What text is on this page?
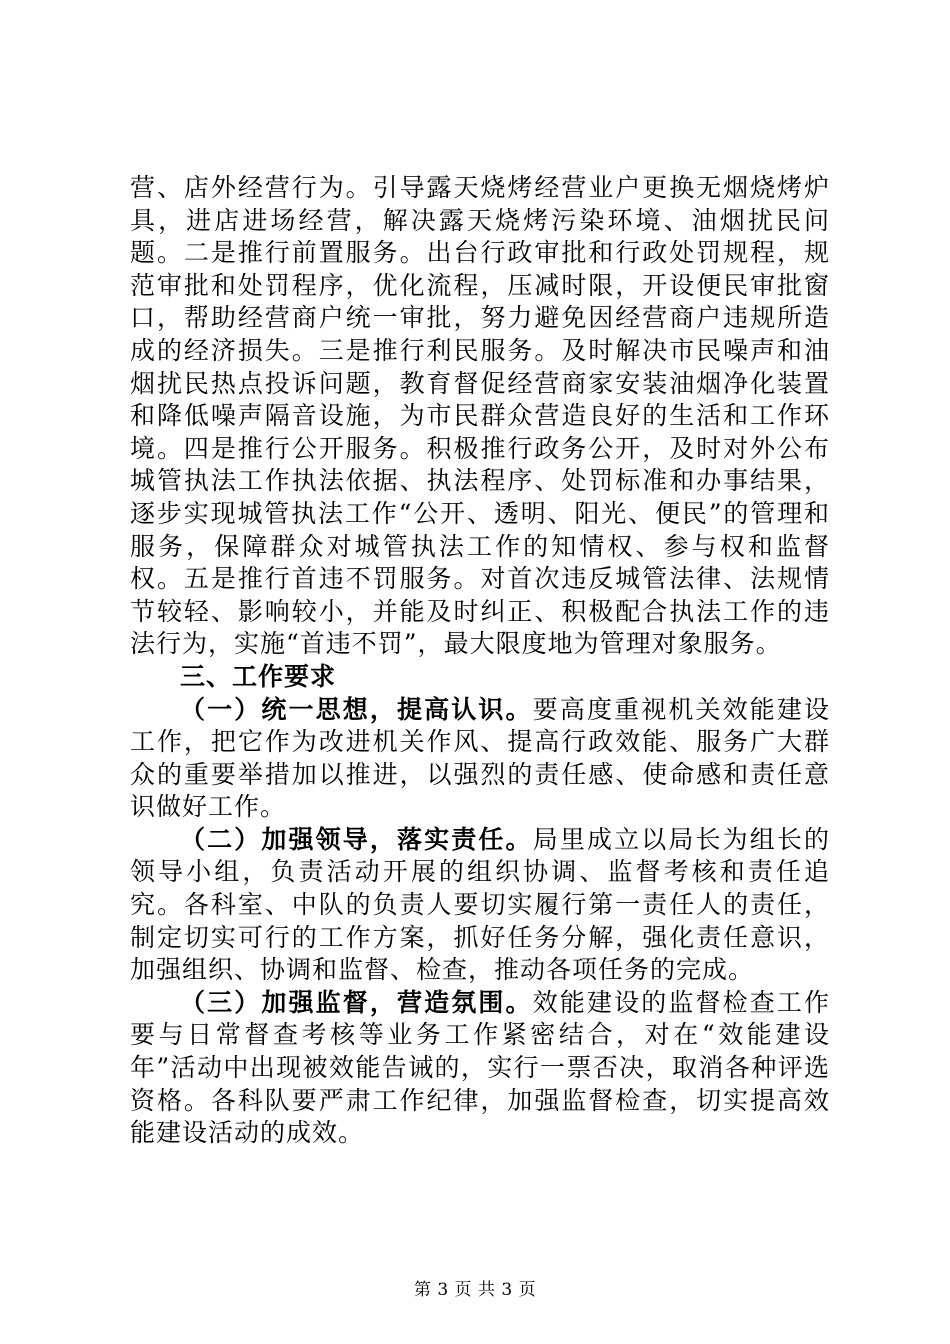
营、店外经营行为。引导露天烧烤经营业户更换无烟烧烤炉具，进店进场经营，解决露天烧烤污染环境、油烟扰民问题。二是推行前置服务。出台行政审批和行政处罚规程，规范审批和处罚程序，优化流程，压减时限，开设便民审批窗口，帮助经营商户统一审批，努力避免因经营商户违规所造成的经济损失。三是推行利民服务。及时解决市民噪声和油烟扰民热点投诉问题，教育督促经营商家安装油烟净化装置和降低噪声隔音设施，为市民群众营造良好的生活和工作环境。四是推行公开服务。积极推行政务公开，及时对外公布城管执法工作执法依据、执法程序、处罚标准和办事结果，逐步实现城管执法工作“公开、透明、阳光、便民”的管理和服务，保障群众对城管执法工作的知情权、参与权和监督权。五是推行首违不罚服务。对首次违反城管法律、法规情节较轻、影响较小，并能及时纠正、积极配合执法工作的违法行为，实施“首违不罚”，最大限度地为管理对象服务。

三、工作要求

（一）统一思想，提高认识。要高度重视机关效能建设工作，把它作为改进机关作风、提高行政效能、服务广大群众的重要举措加以推进，以强烈的责任感、使命感和责任意识做好工作。

（二）加强领导，落实责任。局里成立以局长为组长的领导小组，负责活动开展的组织协调、监督考核和责任追究。各科室、中队的负责人要切实履行第一责任人的责任，制定切实可行的工作方案，抓好任务分解，强化责任意识，加强组织、协调和监督、检查，推动各项任务的完成。

（三）加强监督，营造氛围。效能建设的监督检查工作要与日常督查考核等业务工作紧密结合，对在“效能建设年”活动中出现被效能告诫的，实行一票否决，取消各种评选资格。各科队要严肃工作纪律，加强监督检查，切实提高效能建设活动的成效。

第 3 页 共 3 页
